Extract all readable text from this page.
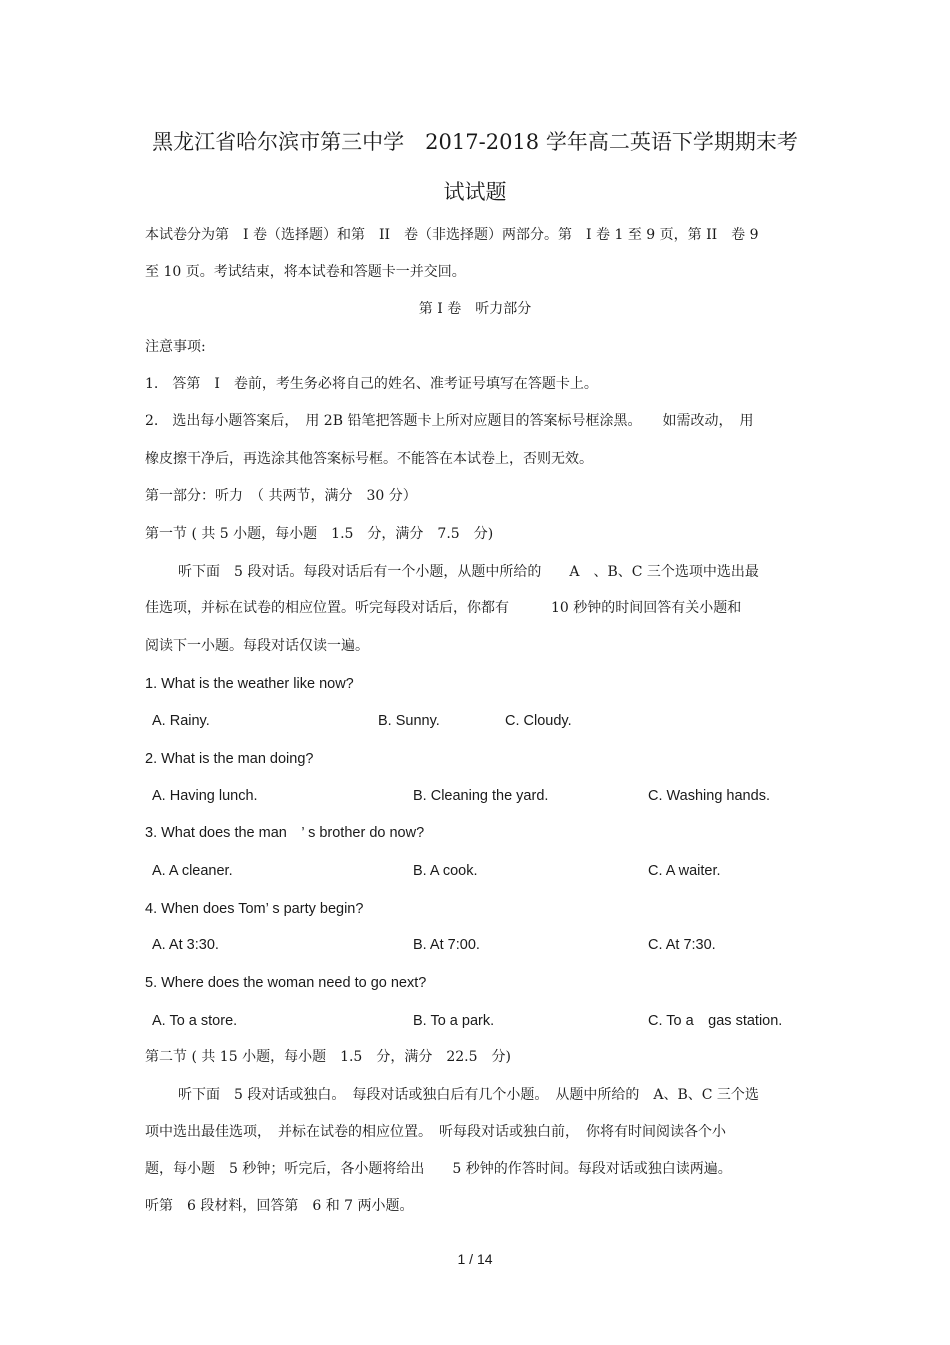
黑龙江省哈尔滨市第三中学　2017-2018 学年高二英语下学期期末考
试试题
本试卷分为第　I 卷（选择题）和第　II　卷（非选择题）两部分。第　I 卷 1 至 9 页，第 II　卷 9
至 10 页。考试结束，将本试卷和答题卡一并交回。
第 I 卷　听力部分
注意事项:
1.　答第　I　卷前，考生务必将自己的姓名、准考证号填写在答题卡上。
2.　选出每小题答案后，　用 2B 铅笔把答题卡上所对应题目的答案标号框涂黑。　　如需改动，　用
橡皮擦干净后，再选涂其他答案标号框。不能答在本试卷上，否则无效。
第一部分：听力　（ 共两节，满分　30 分）
第一节 ( 共 5 小题，每小题　1.5　分，满分　7.5　分)
听下面　5 段对话。每段对话后有一个小题，从题中所给的　　A　、B、C 三个选项中选出最
佳选项，并标在试卷的相应位置。听完每段对话后，你都有　　　10 秒钟的时间回答有关小题和
阅读下一小题。每段对话仅读一遍。
1. What is the weather like now?
A. Rainy.	B. Sunny.	C. Cloudy.
2. What is the man doing?
A. Having lunch.	B. Cleaning the yard.	C. Washing hands.
3. What does the man　’ s brother do now?
A. A cleaner.	B. A cook.	C. A waiter.
4. When does Tom’ s party begin?
A. At 3:30.	B. At 7:00.	C. At 7:30.
5. Where does the woman need to go next?
A. To a store.	B. To a park.	C. To a　gas station.
第二节 ( 共 15 小题，每小题　1.5　分，满分　22.5　分)
听下面　5 段对话或独白。　每段对话或独白后有几个小题。　从题中所给的　A、B、C 三个选
项中选出最佳选项，　并标在试卷的相应位置。　听每段对话或独白前，　你将有时间阅读各个小
题，每小题　5 秒钟；听完后，各小题将给出　　5 秒钟的作答时间。每段对话或独白读两遍。
听第　6 段材料，回答第　6 和 7 两小题。
1 / 14
